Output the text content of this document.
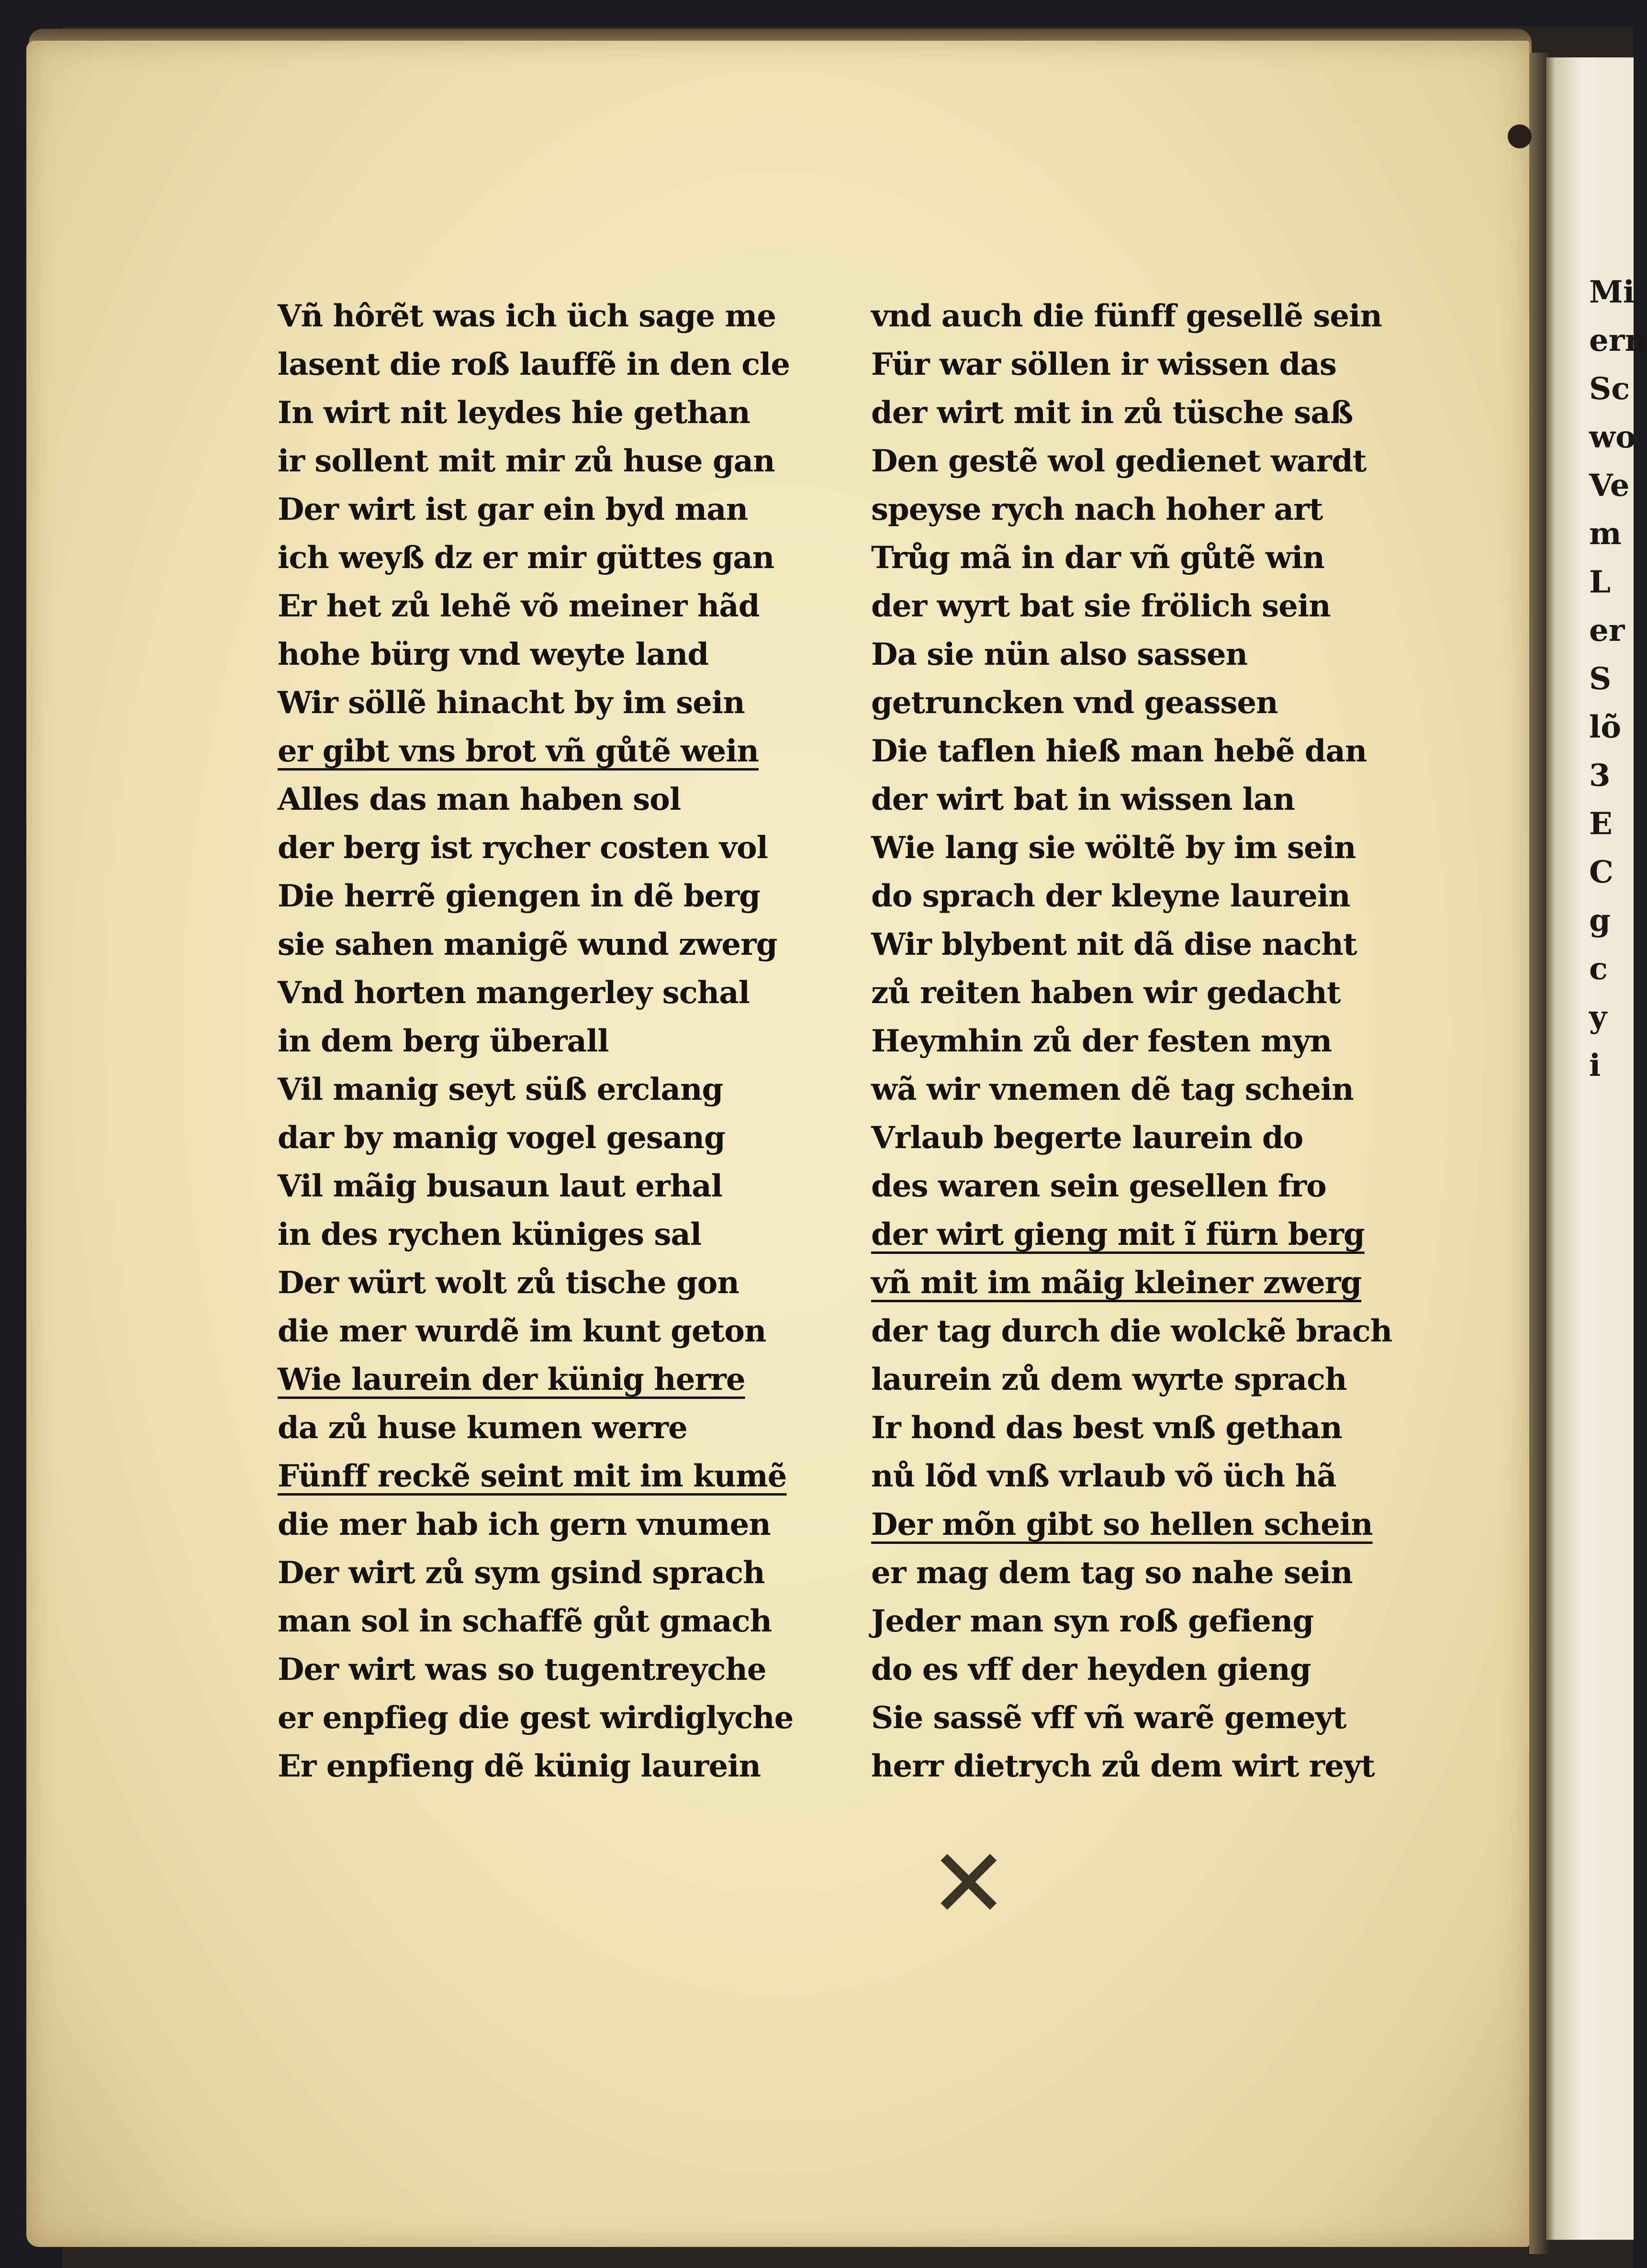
Vñ hôrẽt was ich üch sage me
lasent die roß lauffẽ in den cle
In wirt nit leydes hie gethan
ir sollent mit mir zů huse gan
Der wirt ist gar ein byd man
ich weyß dz er mir güttes gan
Er het zů lehẽ võ meiner hãd
hohe bürg vnd weyte land
Wir söllẽ hinacht by im sein
er gibt vns brot vñ gůtẽ wein
Alles das man haben sol
der berg ist rycher costen vol
Die herrẽ giengen in dẽ berg
sie sahen manigẽ wund zwerg
Vnd horten mangerley schal
in dem berg überall
Vil manig seyt süß erclang
dar by manig vogel gesang
Vil mãig busaun laut erhal
in des rychen küniges sal
Der würt wolt zů tische gon
die mer wurdẽ im kunt geton
Wie laurein der künig herre
da zů huse kumen werre
Fünff reckẽ seint mit im kumẽ
die mer hab ich gern vnumen
Der wirt zů sym gsind sprach
man sol in schaffẽ gůt gmach
Der wirt was so tugentreyche
er enpfieg die gest wirdiglyche
Er enpfieng dẽ künig laurein
vnd auch die fünff gesellẽ sein
Für war söllen ir wissen das
der wirt mit in zů tüsche saß
Den gestẽ wol gedienet wardt
speyse rych nach hoher art
Trůg mã in dar vñ gůtẽ win
der wyrt bat sie frölich sein
Da sie nün also sassen
getruncken vnd geassen
Die taflen hieß man hebẽ dan
der wirt bat in wissen lan
Wie lang sie wöltẽ by im sein
do sprach der kleyne laurein
Wir blybent nit dã dise nacht
zů reiten haben wir gedacht
Heymhin zů der festen myn
wã wir vnemen dẽ tag schein
Vrlaub begerte laurein do
des waren sein gesellen fro
der wirt gieng mit ĩ fürn berg
vñ mit im mãig kleiner zwerg
der tag durch die wolckẽ brach
laurein zů dem wyrte sprach
Ir hond das best vnß gethan
nů lõd vnß vrlaub võ üch hã
Der mõn gibt so hellen schein
er mag dem tag so nahe sein
Jeder man syn roß gefieng
do es vff der heyden gieng
Sie sassẽ vff vñ warẽ gemeyt
herr dietrych zů dem wirt reyt
✕
Mi
ern
Sc
wo
Ve
m
L
er
S
lõ
3
E
C
g
c
y
i
